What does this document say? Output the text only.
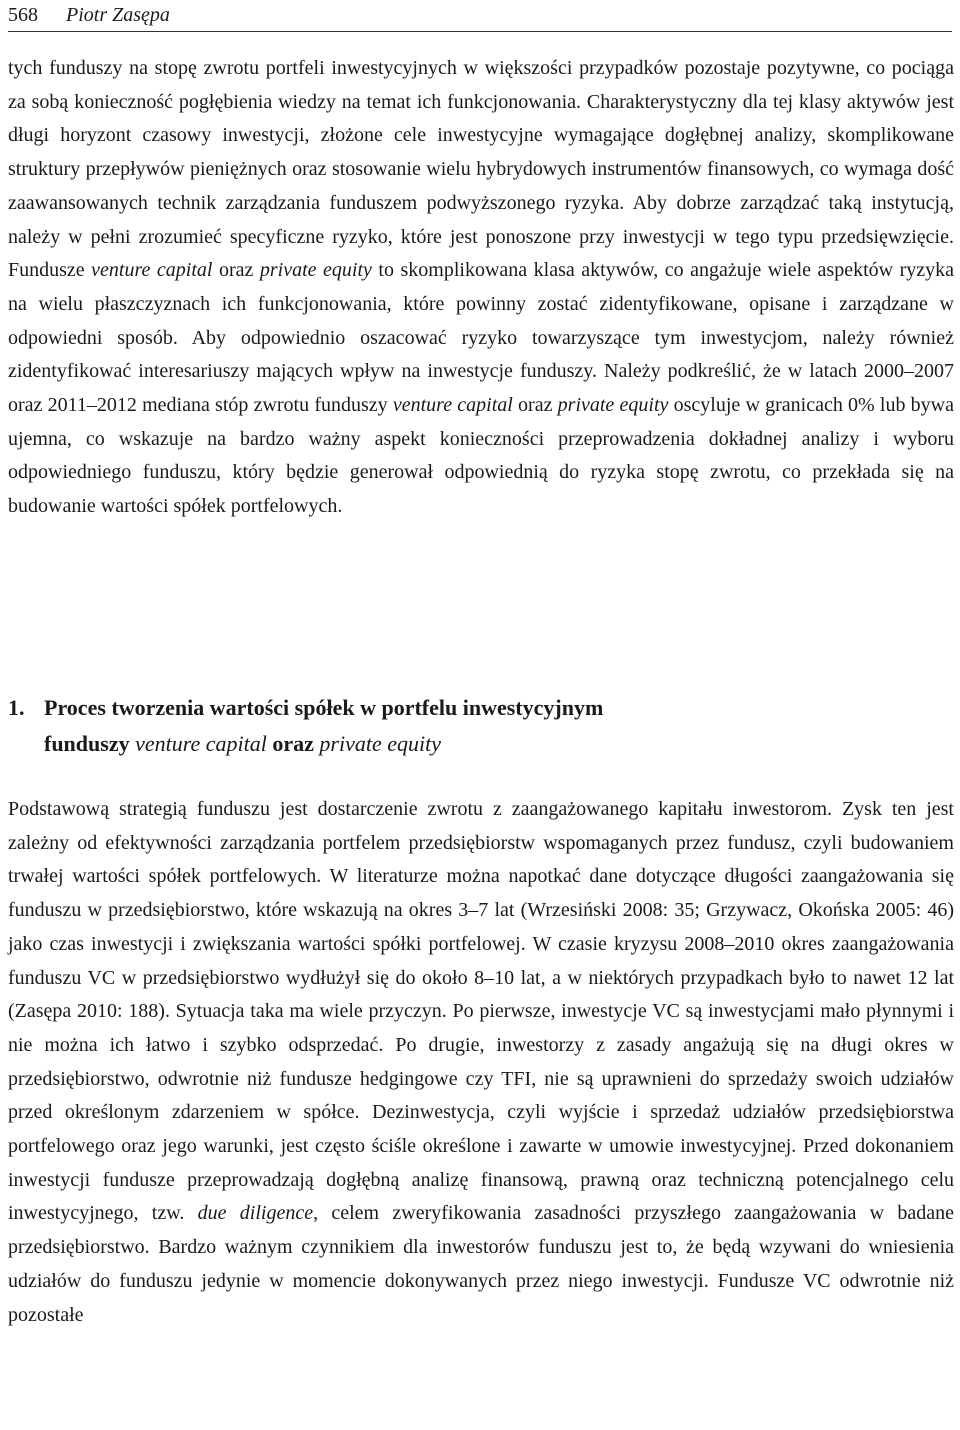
568 Piotr Zasępa

tych funduszy na stopę zwrotu portfeli inwestycyjnych w większości przypadków pozostaje pozytywne, co pociąga za sobą konieczność pogłębienia wiedzy na temat ich funkcjonowania. Charakterystyczny dla tej klasy aktywów jest długi horyzont czasowy inwestycji, złożone cele inwestycyjne wymagające dogłębnej analizy, skomplikowane struktury przepływów pieniężnych oraz stosowanie wielu hybrydowych instrumentów finansowych, co wymaga dość zaawansowanych technik zarządzania funduszem podwyższonego ryzyka. Aby dobrze zarządzać taką instytucją, należy w pełni zrozumieć specyficzne ryzyko, które jest ponoszone przy inwestycji w tego typu przedsięwzięcie. Fundusze venture capital oraz private equity to skomplikowana klasa aktywów, co angażuje wiele aspektów ryzyka na wielu płaszczyznach ich funkcjonowania, które powinny zostać zidentyfikowane, opisane i zarządzane w odpowiedni sposób. Aby odpowiednio oszacować ryzyko towarzyszące tym inwestycjom, należy również zidentyfikować interesariuszy mających wpływ na inwestycje funduszy. Należy podkreślić, że w latach 2000–2007 oraz 2011–2012 mediana stóp zwrotu funduszy venture capital oraz private equity oscyluje w granicach 0% lub bywa ujemna, co wskazuje na bardzo ważny aspekt konieczności przeprowadzenia dokładnej analizy i wyboru odpowiedniego funduszu, który będzie generował odpowiednią do ryzyka stopę zwrotu, co przekłada się na budowanie wartości spółek portfelowych.

1. Proces tworzenia wartości spółek w portfelu inwestycyjnym
funduszy venture capital oraz private equity

Podstawową strategią funduszu jest dostarczenie zwrotu z zaangażowanego kapitału inwestorom. Zysk ten jest zależny od efektywności zarządzania portfelem przedsiębiorstw wspomaganych przez fundusz, czyli budowaniem trwałej wartości spółek portfelowych. W literaturze można napotkać dane dotyczące długości zaangażowania się funduszu w przedsiębiorstwo, które wskazują na okres 3–7 lat (Wrzesiński 2008: 35; Grzywacz, Okońska 2005: 46) jako czas inwestycji i zwiększania wartości spółki portfelowej. W czasie kryzysu 2008–2010 okres zaangażowania funduszu VC w przedsiębiorstwo wydłużył się do około 8–10 lat, a w niektórych przypadkach było to nawet 12 lat (Zasępa 2010: 188). Sytuacja taka ma wiele przyczyn. Po pierwsze, inwestycje VC są inwestycjami mało płynnymi i nie można ich łatwo i szybko odsprzedać. Po drugie, inwestorzy z zasady angażują się na długi okres w przedsiębiorstwo, odwrotnie niż fundusze hedgingowe czy TFI, nie są uprawnieni do sprzedaży swoich udziałów przed określonym zdarzeniem w spółce. Dezinwestycja, czyli wyjście i sprzedaż udziałów przedsiębiorstwa portfelowego oraz jego warunki, jest często ściśle określone i zawarte w umowie inwestycyjnej. Przed dokonaniem inwestycji fundusze przeprowadzają dogłębną analizę finansową, prawną oraz techniczną potencjalnego celu inwestycyjnego, tzw. due diligence, celem zweryfikowania zasadności przyszłego zaangażowania w badane przedsiębiorstwo. Bardzo ważnym czynnikiem dla inwestorów funduszu jest to, że będą wzywani do wniesienia udziałów do funduszu jedynie w momencie dokonywanych przez niego inwestycji. Fundusze VC odwrotnie niż pozostałe
